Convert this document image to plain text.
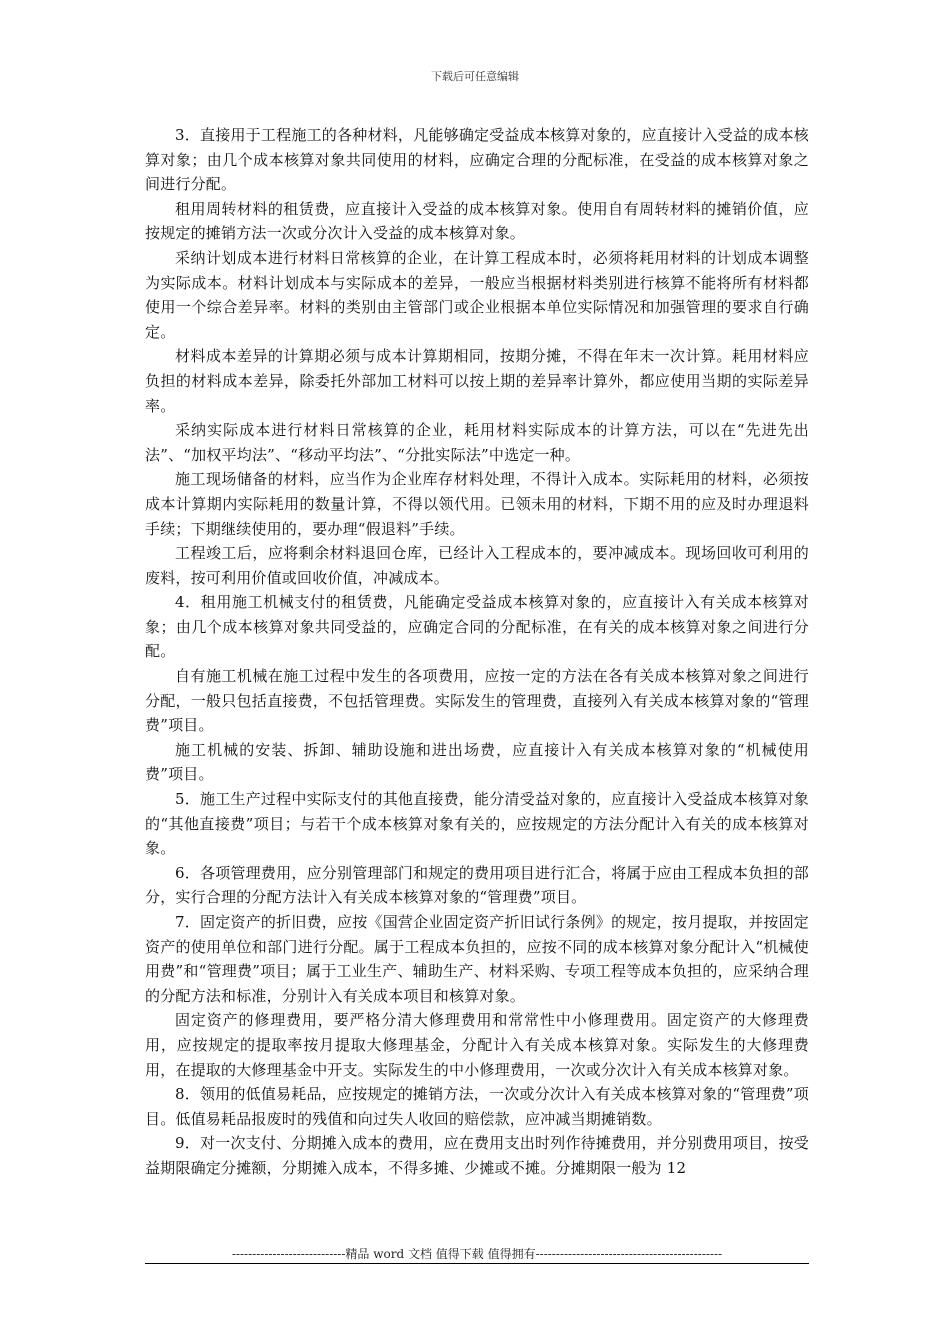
下载后可任意编辑

3．直接用于工程施工的各种材料，凡能够确定受益成本核算对象的，应直接计入受益的成本核算对象；由几个成本核算对象共同使用的材料，应确定合理的分配标准，在受益的成本核算对象之间进行分配。

租用周转材料的租赁费，应直接计入受益的成本核算对象。使用自有周转材料的摊销价值，应按规定的摊销方法一次或分次计入受益的成本核算对象。

采纳计划成本进行材料日常核算的企业，在计算工程成本时，必须将耗用材料的计划成本调整为实际成本。材料计划成本与实际成本的差异，一般应当根据材料类别进行核算不能将所有材料都使用一个综合差异率。材料的类别由主管部门或企业根据本单位实际情况和加强管理的要求自行确定。

材料成本差异的计算期必须与成本计算期相同，按期分摊，不得在年末一次计算。耗用材料应负担的材料成本差异，除委托外部加工材料可以按上期的差异率计算外，都应使用当期的实际差异率。

采纳实际成本进行材料日常核算的企业，耗用材料实际成本的计算方法，可以在“先进先出法”、“加权平均法”、“移动平均法”、“分批实际法”中选定一种。

施工现场储备的材料，应当作为企业库存材料处理，不得计入成本。实际耗用的材料，必须按成本计算期内实际耗用的数量计算，不得以领代用。已领未用的材料，下期不用的应及时办理退料手续；下期继续使用的，要办理“假退料”手续。

工程竣工后，应将剩余材料退回仓库，已经计入工程成本的，要冲减成本。现场回收可利用的废料，按可利用价值或回收价值，冲减成本。

4．租用施工机械支付的租赁费，凡能确定受益成本核算对象的，应直接计入有关成本核算对象；由几个成本核算对象共同受益的，应确定合同的分配标准，在有关的成本核算对象之间进行分配。

自有施工机械在施工过程中发生的各项费用，应按一定的方法在各有关成本核算对象之间进行分配，一般只包括直接费，不包括管理费。实际发生的管理费，直接列入有关成本核算对象的“管理费”项目。

施工机械的安装、拆卸、辅助设施和进出场费，应直接计入有关成本核算对象的“机械使用费”项目。

5．施工生产过程中实际支付的其他直接费，能分清受益对象的，应直接计入受益成本核算对象的“其他直接费”项目；与若干个成本核算对象有关的，应按规定的方法分配计入有关的成本核算对象。

6．各项管理费用，应分别管理部门和规定的费用项目进行汇合，将属于应由工程成本负担的部分，实行合理的分配方法计入有关成本核算对象的“管理费”项目。

7．固定资产的折旧费，应按《国营企业固定资产折旧试行条例》的规定，按月提取，并按固定资产的使用单位和部门进行分配。属于工程成本负担的，应按不同的成本核算对象分配计入“机械使用费”和“管理费”项目；属于工业生产、辅助生产、材料采购、专项工程等成本负担的，应采纳合理的分配方法和标准，分别计入有关成本项目和核算对象。

固定资产的修理费用，要严格分清大修理费用和常常性中小修理费用。固定资产的大修理费用，应按规定的提取率按月提取大修理基金，分配计入有关成本核算对象。实际发生的大修理费用，在提取的大修理基金中开支。实际发生的中小修理费用，一次或分次计入有关成本核算对象。

8．领用的低值易耗品，应按规定的摊销方法，一次或分次计入有关成本核算对象的“管理费”项目。低值易耗品报废时的残值和向过失人收回的赔偿款，应冲减当期摊销数。

9．对一次支付、分期摊入成本的费用，应在费用支出时列作待摊费用，并分别费用项目，按受益期限确定分摊额，分期摊入成本，不得多摊、少摊或不摊。分摊期限一般为 12

----------------------------精品 word 文档 值得下载 值得拥有----------------------------------------------
